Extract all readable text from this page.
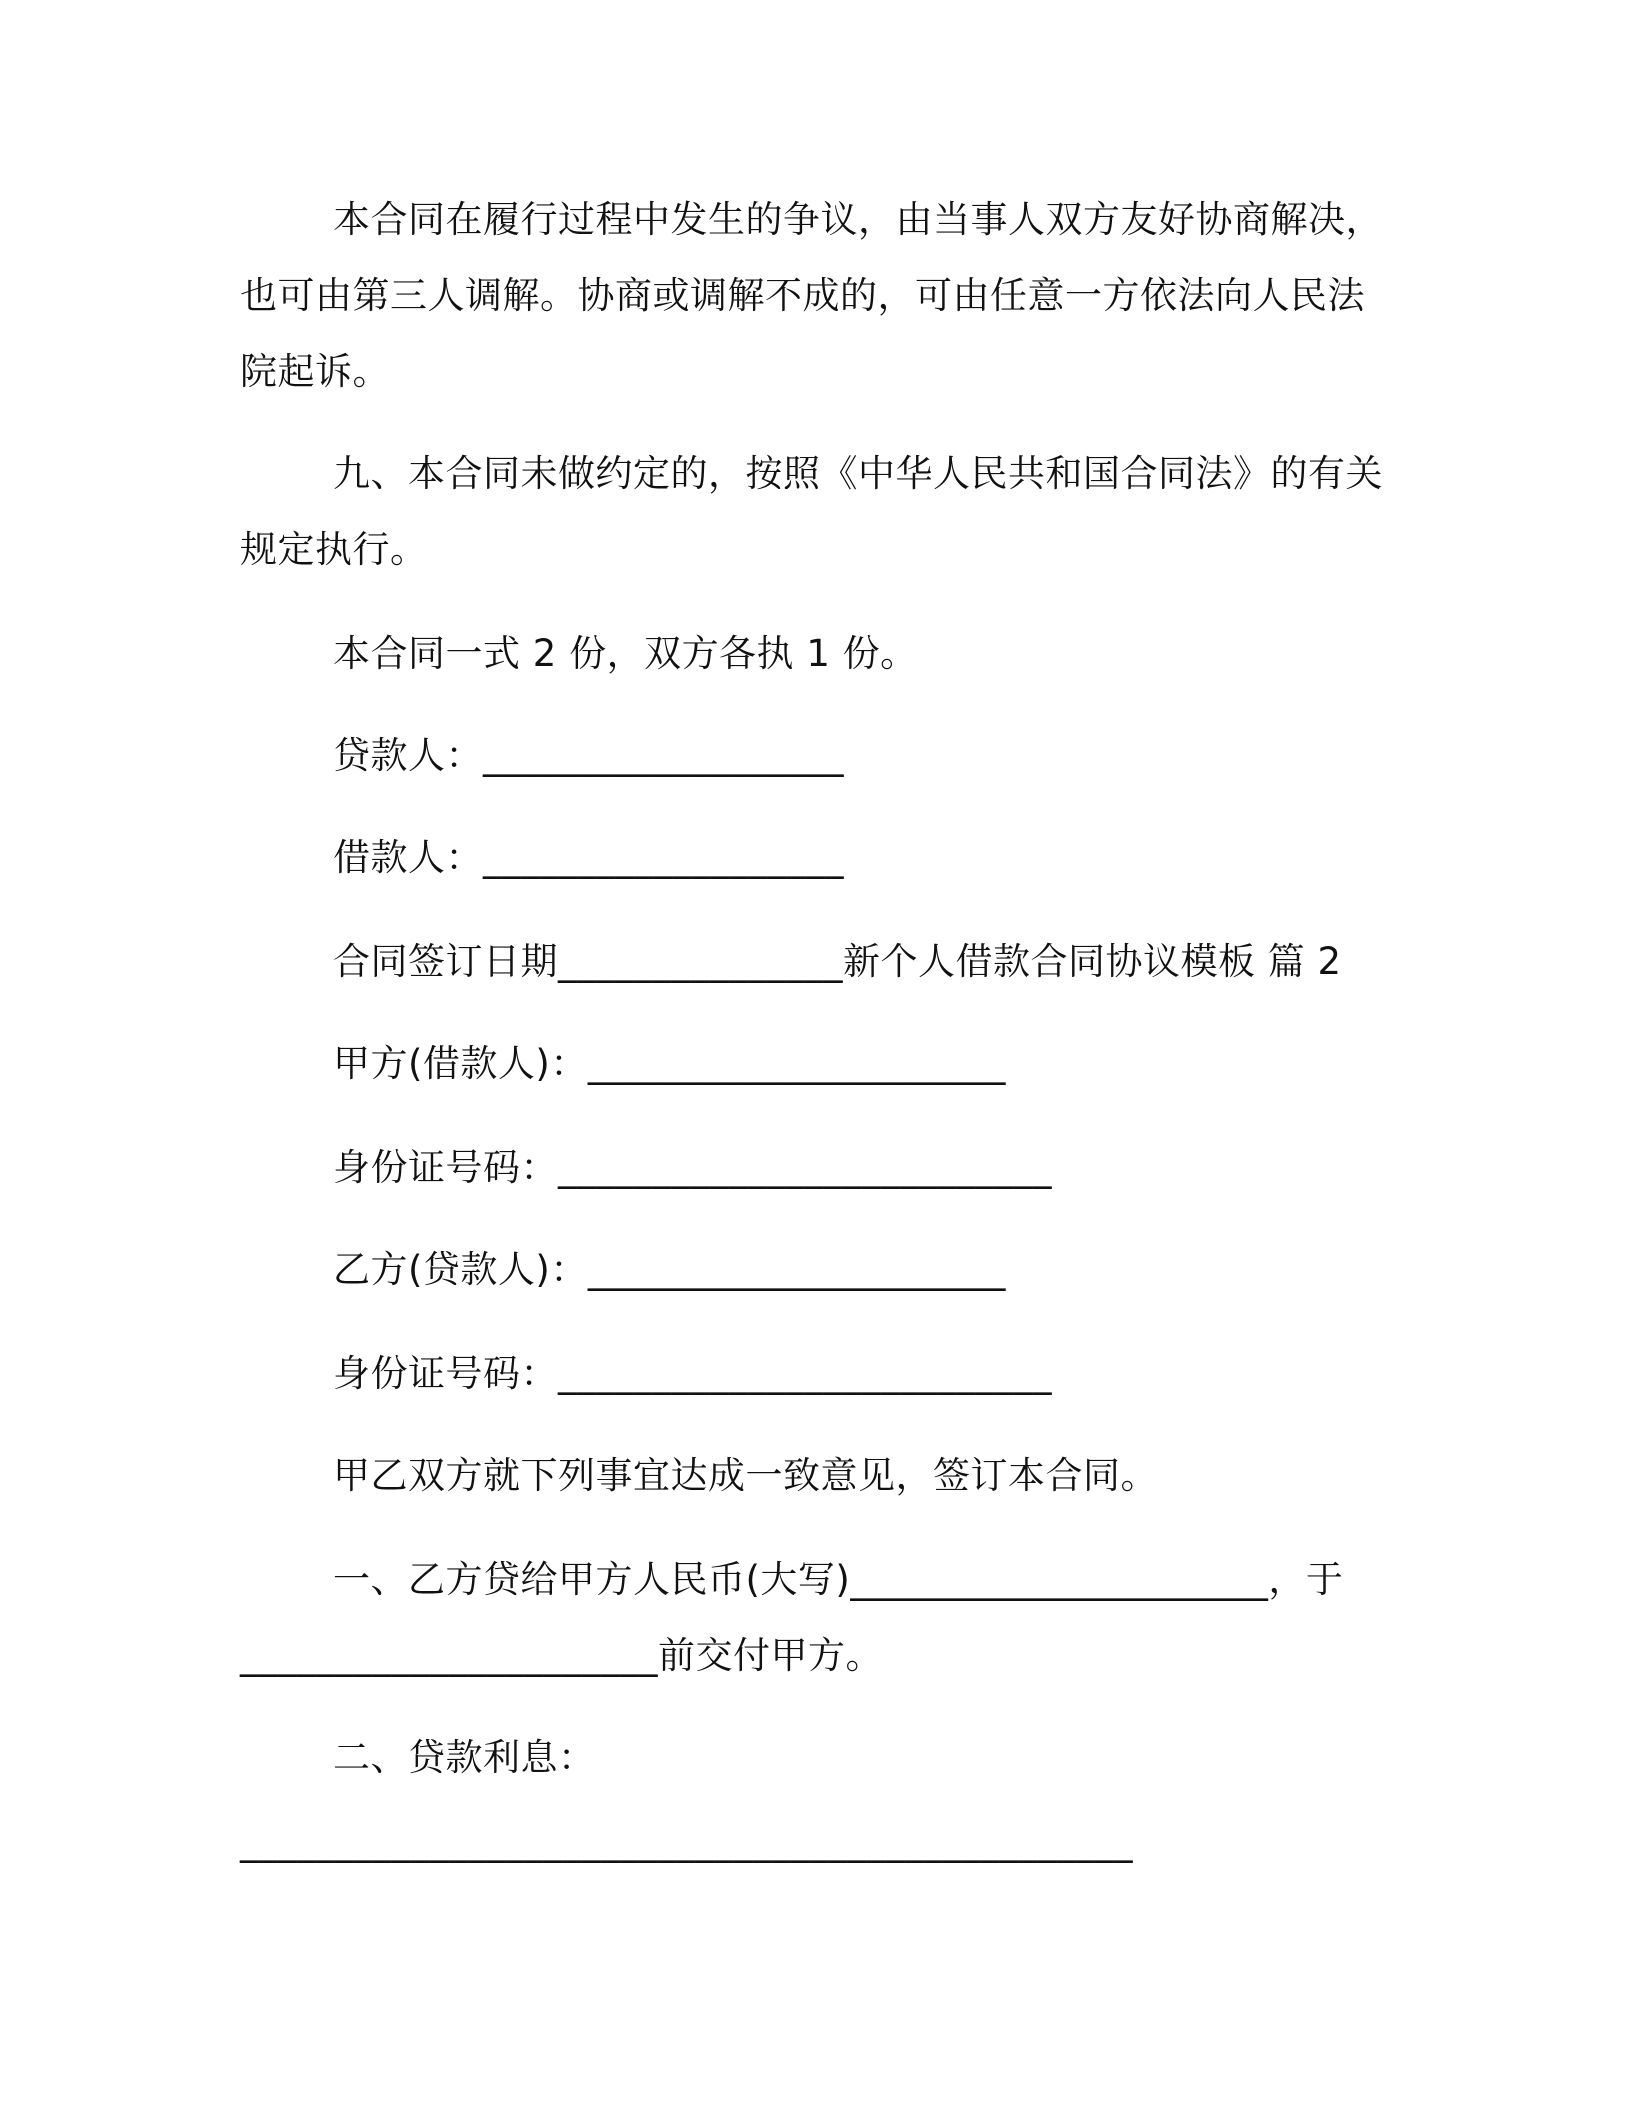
本合同在履行过程中发生的争议，由当事人双方友好协商解决，
也可由第三人调解。协商或调解不成的，可由任意一方依法向人民法
院起诉。
九、本合同未做约定的，按照《中华人民共和国合同法》的有关
规定执行。
本合同一式 2 份，双方各执 1 份。
贷款人：___________________
借款人：___________________
合同签订日期_______________新个人借款合同协议模板 篇 2
甲方(借款人)：______________________
身份证号码：__________________________
乙方(贷款人)：______________________
身份证号码：__________________________
甲乙双方就下列事宜达成一致意见，签订本合同。
一、乙方贷给甲方人民币(大写)______________________，于
______________________前交付甲方。
二、贷款利息：
_______________________________________________
